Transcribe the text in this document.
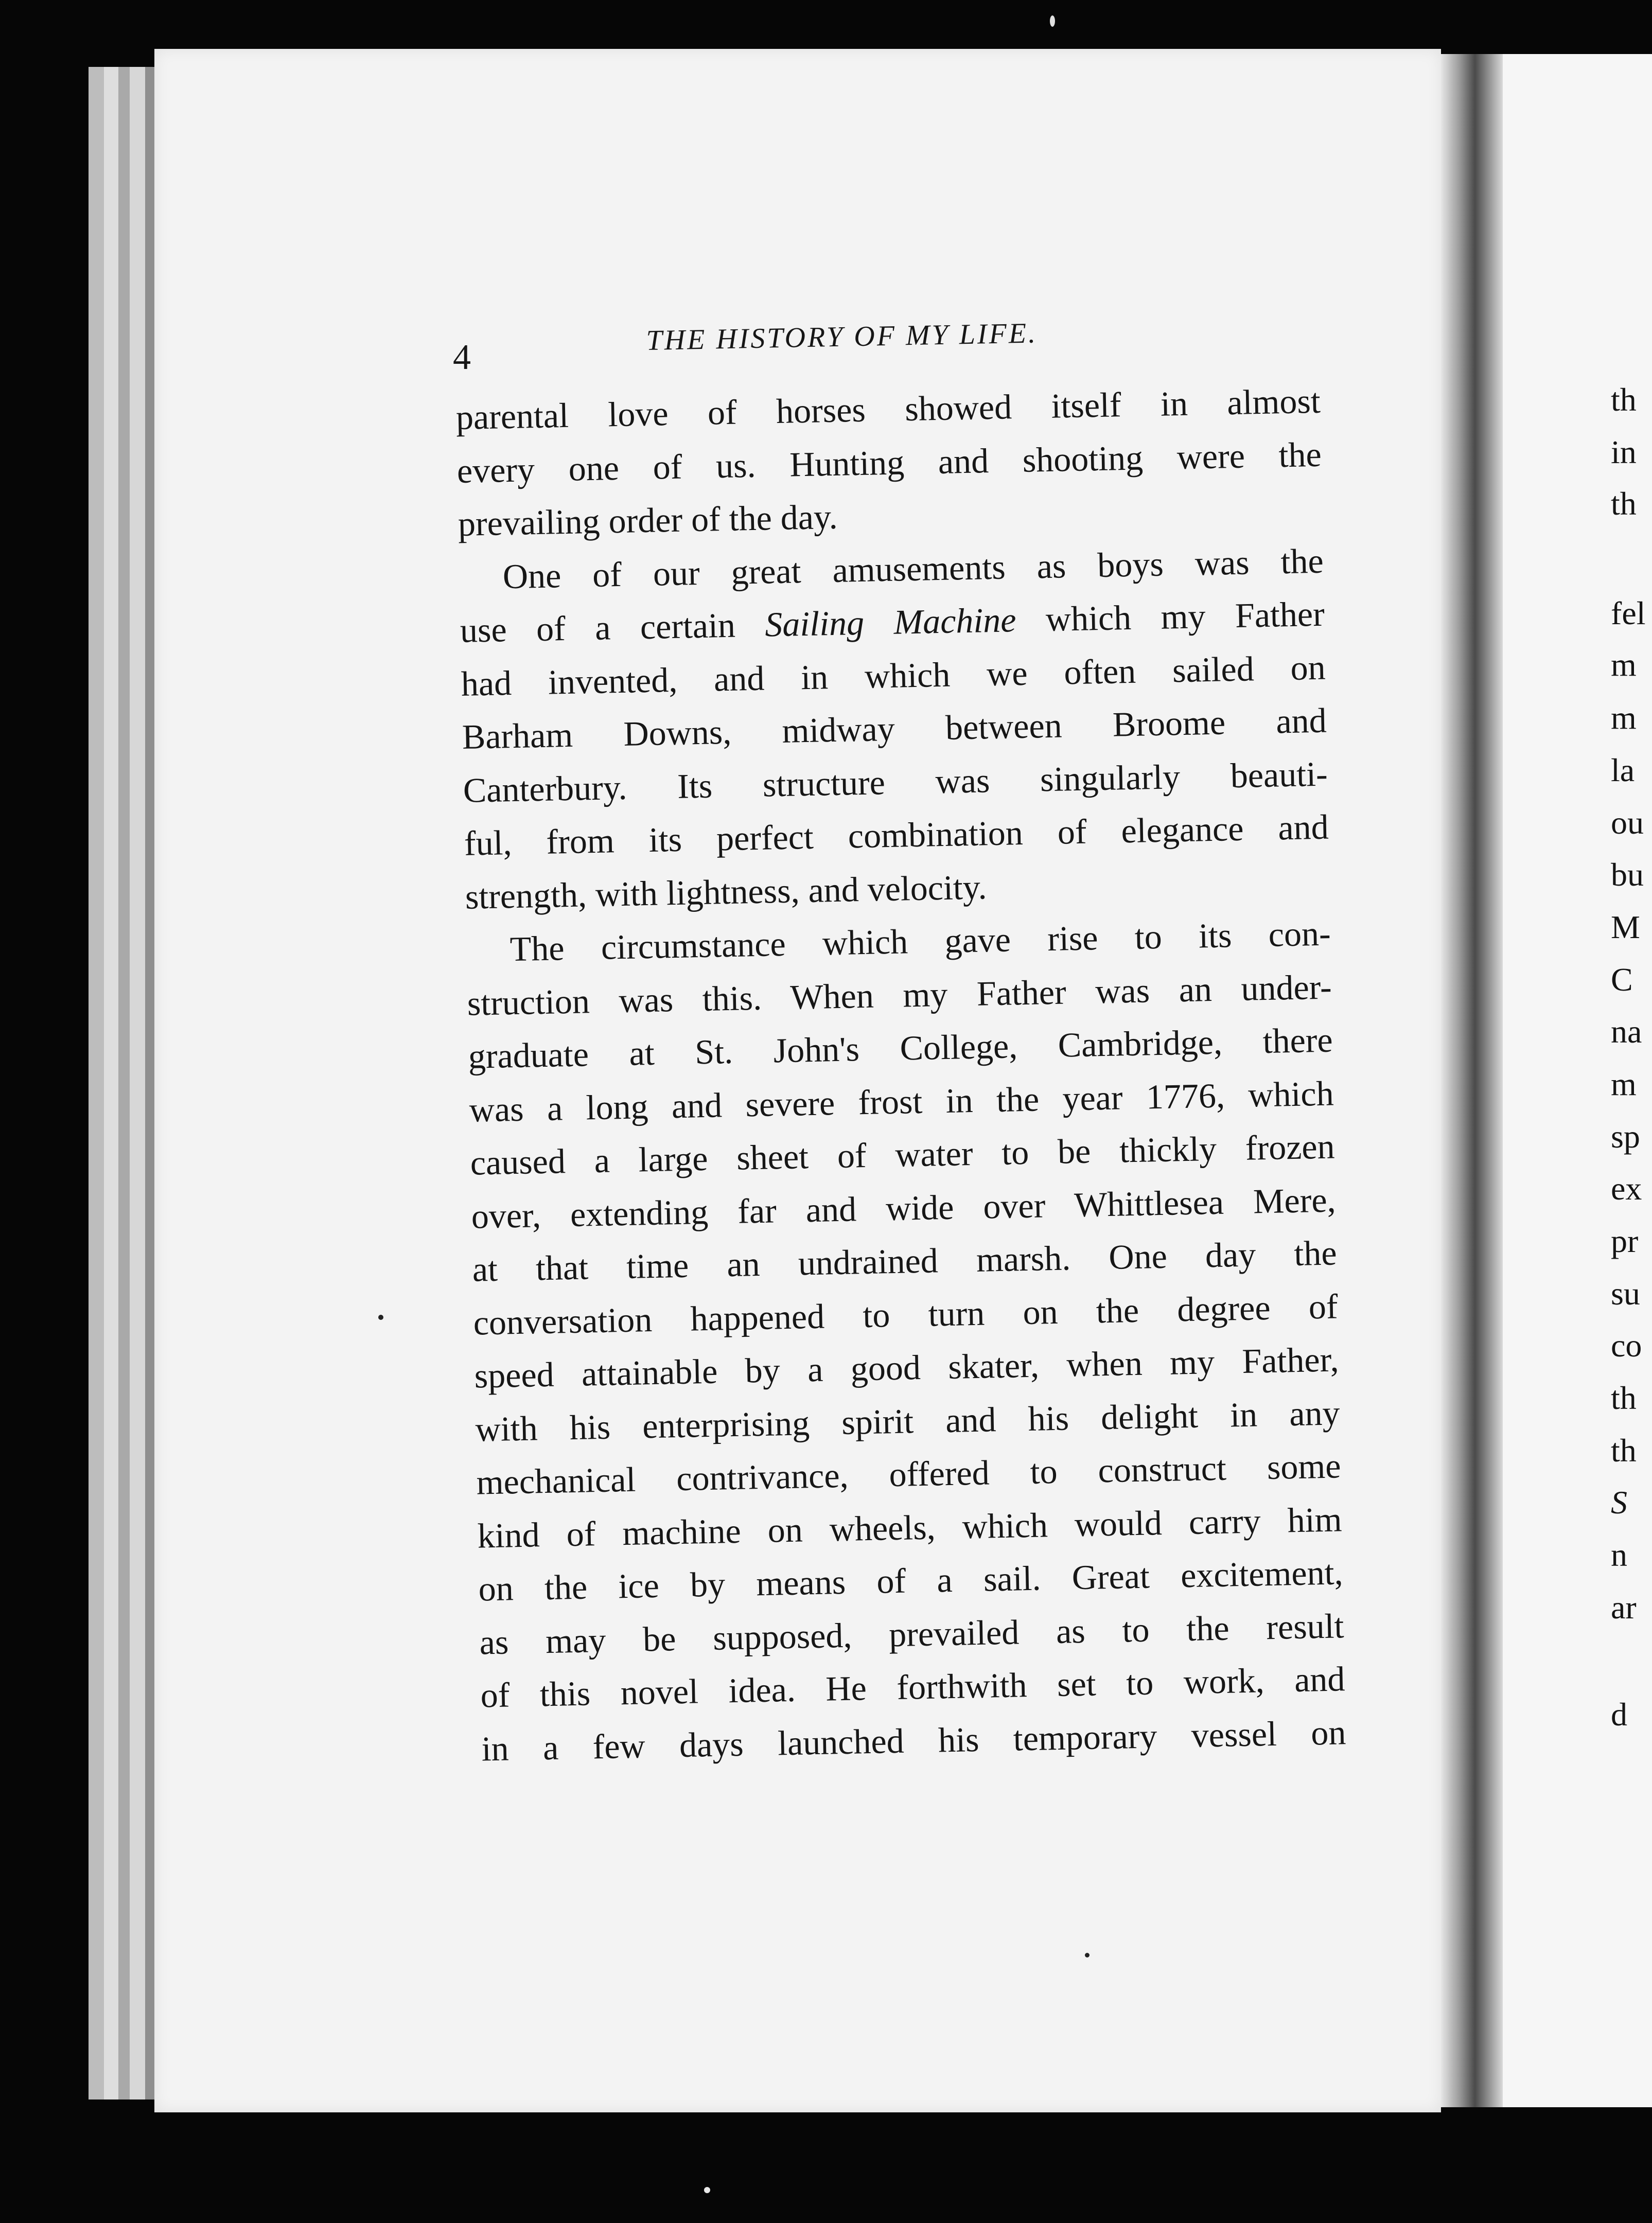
th
in
th
fel
m
m
la
ou
bu
M
C
na
m
sp
ex
pr
su
co
th
th
S
n
ar
d
4
THE HISTORY OF MY LIFE.
parental love of horses showed itself in almost
every one of us. Hunting and shooting were the
prevailing order of the day.
One of our great amusements as boys was the
use of a certain Sailing Machine which my Father
had invented, and in which we often sailed on
Barham Downs, midway between Broome and
Canterbury. Its structure was singularly beauti-
ful, from its perfect combination of elegance and
strength, with lightness, and velocity.
The circumstance which gave rise to its con-
struction was this. When my Father was an under-
graduate at St. John's College, Cambridge, there
was a long and severe frost in the year 1776, which
caused a large sheet of water to be thickly frozen
over, extending far and wide over Whittlesea Mere,
at that time an undrained marsh. One day the
conversation happened to turn on the degree of
speed attainable by a good skater, when my Father,
with his enterprising spirit and his delight in any
mechanical contrivance, offered to construct some
kind of machine on wheels, which would carry him
on the ice by means of a sail. Great excitement,
as may be supposed, prevailed as to the result
of this novel idea. He forthwith set to work, and
in a few days launched his temporary vessel on
